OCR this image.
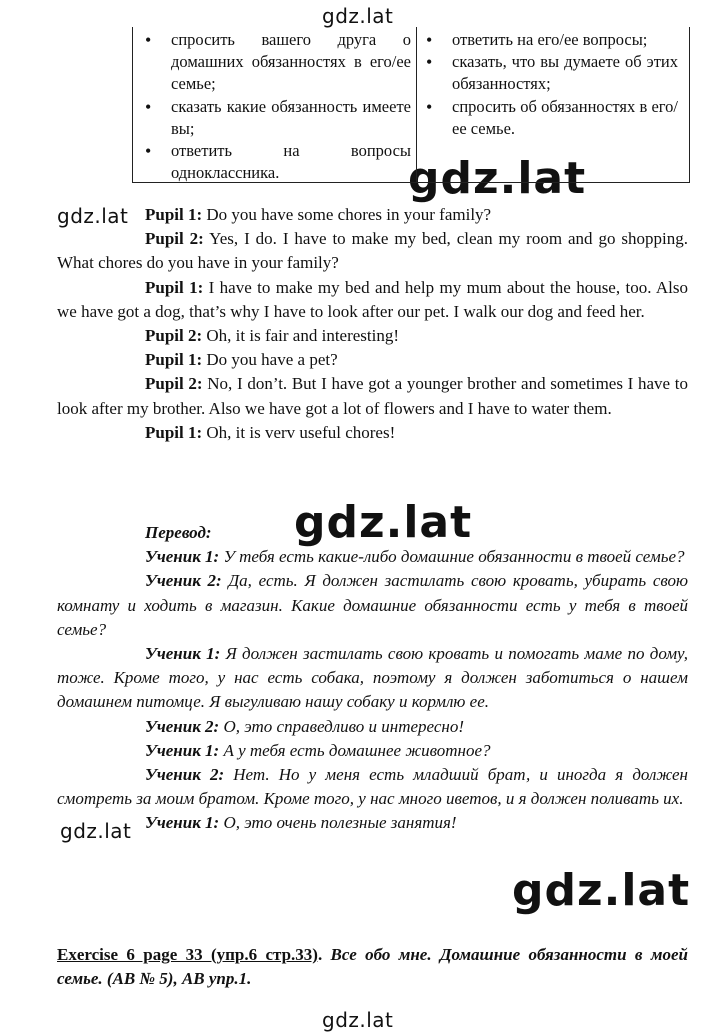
gdz.lat
gdz.lat
gdz.lat
gdz.lat
gdz.lat
gdz.lat
gdz.lat
• спросить вашего друга о домашних обязанностях в его/ее семье;
• сказать какие обязанность имеете вы;
• ответить на вопросы одноклассника.
• ответить на его/ее вопросы;
• сказать, что вы думаете об этих обязанностях;
• спросить об обязанностях в его/ее семье.

Pupil 1: Do you have some chores in your family?

Pupil 2: Yes, I do. I have to make my bed, clean my room and go shopping. What chores do you have in your family?

Pupil 1: I have to make my bed and help my mum about the house, too. Also we have got a dog, that’s why I have to look after our pet. I walk our dog and feed her.

Pupil 2: Oh, it is fair and interesting!

Pupil 1: Do you have a pet?

Pupil 2: No, I don’t. But I have got a younger brother and sometimes I have to look after my brother. Also we have got a lot of flowers and I have to water them.

Pupil 1: Oh, it is verv useful chores!

Перевод:

Ученик 1: У тебя есть какие-либо домашние обязанности в твоей семье?

Ученик 2: Да, есть. Я должен застилать свою кровать, убирать свою комнату и ходить в магазин. Какие домашние обязанности есть у тебя в твоей семье?

Ученик 1: Я должен застилать свою кровать и помогать маме по дому, тоже. Кроме того, у нас есть собака, поэтому я должен заботиться о нашем домашнем питомце. Я выгуливаю нашу собаку и кормлю ее.

Ученик 2: О, это справедливо и интересно!

Ученик 1: А у тебя есть домашнее животное?

Ученик 2: Нет. Но у меня есть младший брат, и иногда я должен смотреть за моим братом. Кроме того, у нас много иветов, и я должен поливать их.

Ученик 1: О, это очень полезные занятия!

Exercise 6 page 33 (упр.6 стр.33). Все обо мне. Домашние обязанности в моей семье. (АВ № 5), АВ упр.1.
